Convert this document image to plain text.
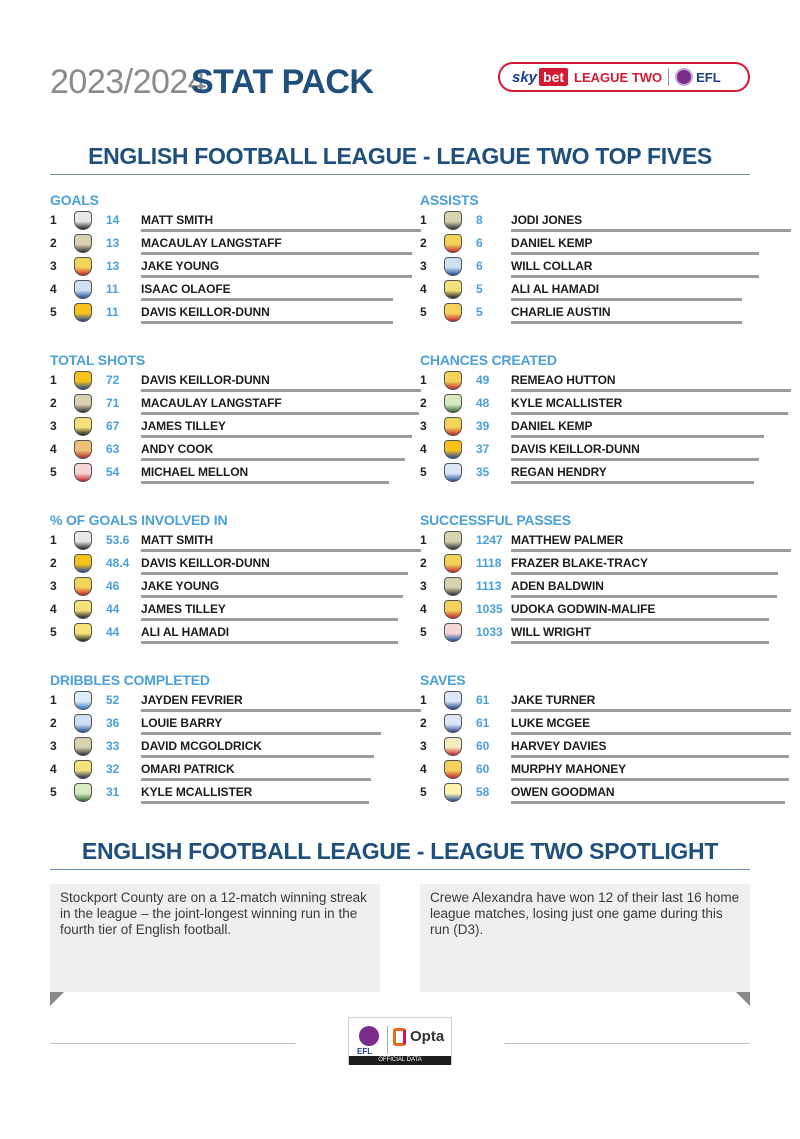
2023/2024
STAT PACK	sky bet LEAGUE TWO	EFL
ENGLISH FOOTBALL LEAGUE - LEAGUE TWO TOP FIVES
GOALS
1	14	MATT SMITH
2	13	MACAULAY LANGSTAFF
3	13	JAKE YOUNG
4	11	ISAAC OLAOFE
5	11	DAVIS KEILLOR-DUNN
ASSISTS
1	8	JODI JONES
2	6	DANIEL KEMP
3	6	WILL COLLAR
4	5	ALI AL HAMADI
5	5	CHARLIE AUSTIN
TOTAL SHOTS
1	72	DAVIS KEILLOR-DUNN
2	71	MACAULAY LANGSTAFF
3	67	JAMES TILLEY
4	63	ANDY COOK
5	54	MICHAEL MELLON
CHANCES CREATED
1	49	REMEAO HUTTON
2	48	KYLE MCALLISTER
3	39	DANIEL KEMP
4	37	DAVIS KEILLOR-DUNN
5	35	REGAN HENDRY
% OF GOALS INVOLVED IN
1	53.6 MATT SMITH
2	48.4 DAVIS KEILLOR-DUNN
3	46	JAKE YOUNG
4	44	JAMES TILLEY
5	44	ALI AL HAMADI
SUCCESSFUL PASSES
1	1247 MATTHEW PALMER
2	1118 FRAZER BLAKE-TRACY
3	1113 ADEN BALDWIN
4	1035 UDOKA GODWIN-MALIFE
5	1033 WILL WRIGHT
DRIBBLES COMPLETED
1	52	JAYDEN FEVRIER
2	36	LOUIE BARRY
3	33	DAVID MCGOLDRICK
4	32	OMARI PATRICK
5	31	KYLE MCALLISTER
SAVES
1	61	JAKE TURNER
2	61	LUKE MCGEE
3	60	HARVEY DAVIES
4	60	MURPHY MAHONEY
5	58	OWEN GOODMAN
ENGLISH FOOTBALL LEAGUE - LEAGUE TWO SPOTLIGHT

Stockport County are on a 12-match winning streak in the league – the joint-longest winning run in the fourth tier of English football.

Crewe Alexandra have won 12 of their last 16 home league matches, losing just one game during this run (D3).

EFL
Opta
OFFICIAL DATA
